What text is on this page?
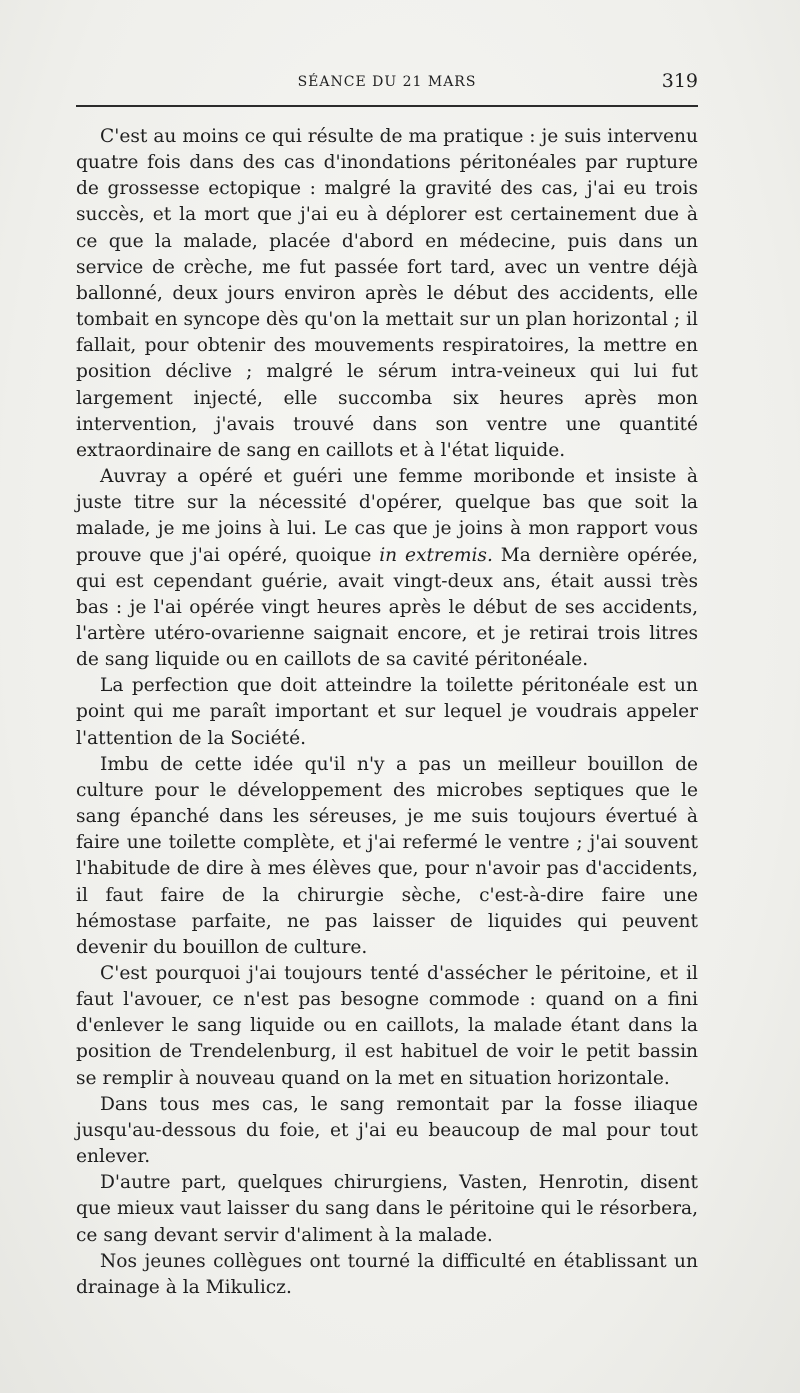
SÉANCE DU 21 MARS	319

C'est au moins ce qui résulte de ma pratique : je suis intervenu quatre fois dans des cas d'inondations péritonéales par rupture de grossesse ectopique : malgré la gravité des cas, j'ai eu trois succès, et la mort que j'ai eu à déplorer est certainement due à ce que la malade, placée d'abord en médecine, puis dans un service de crèche, me fut passée fort tard, avec un ventre déjà ballonné, deux jours environ après le début des accidents, elle tombait en syncope dès qu'on la mettait sur un plan horizontal ; il fallait, pour obtenir des mouvements respiratoires, la mettre en position déclive ; malgré le sérum intra-veineux qui lui fut largement injecté, elle succomba six heures après mon intervention, j'avais trouvé dans son ventre une quantité extraordinaire de sang en caillots et à l'état liquide.

Auvray a opéré et guéri une femme moribonde et insiste à juste titre sur la nécessité d'opérer, quelque bas que soit la malade, je me joins à lui. Le cas que je joins à mon rapport vous prouve que j'ai opéré, quoique in extremis. Ma dernière opérée, qui est cependant guérie, avait vingt-deux ans, était aussi très bas : je l'ai opérée vingt heures après le début de ses accidents, l'artère utéro-ovarienne saignait encore, et je retirai trois litres de sang liquide ou en caillots de sa cavité péritonéale.

La perfection que doit atteindre la toilette péritonéale est un point qui me paraît important et sur lequel je voudrais appeler l'attention de la Société.

Imbu de cette idée qu'il n'y a pas un meilleur bouillon de culture pour le développement des microbes septiques que le sang épanché dans les séreuses, je me suis toujours évertué à faire une toilette complète, et j'ai refermé le ventre ; j'ai souvent l'habitude de dire à mes élèves que, pour n'avoir pas d'accidents, il faut faire de la chirurgie sèche, c'est-à-dire faire une hémostase parfaite, ne pas laisser de liquides qui peuvent devenir du bouillon de culture.

C'est pourquoi j'ai toujours tenté d'assécher le péritoine, et il faut l'avouer, ce n'est pas besogne commode : quand on a fini d'enlever le sang liquide ou en caillots, la malade étant dans la position de Trendelenburg, il est habituel de voir le petit bassin se remplir à nouveau quand on la met en situation horizontale.

Dans tous mes cas, le sang remontait par la fosse iliaque jusqu'au-dessous du foie, et j'ai eu beaucoup de mal pour tout enlever.

D'autre part, quelques chirurgiens, Vasten, Henrotin, disent que mieux vaut laisser du sang dans le péritoine qui le résorbera, ce sang devant servir d'aliment à la malade.

Nos jeunes collègues ont tourné la difficulté en établissant un drainage à la Mikulicz.
